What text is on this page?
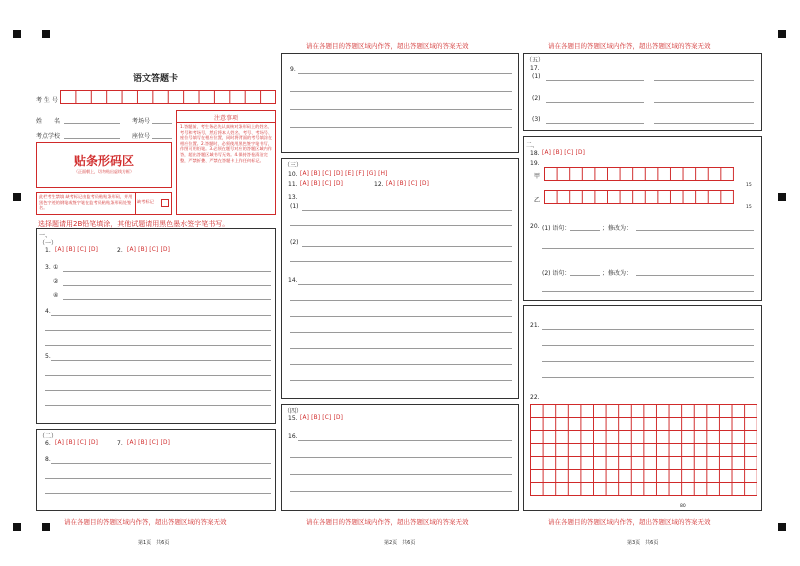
请在各题目的答题区域内作答，超出答题区域的答案无效	请在各题目的答题区域内作答，超出答题区域的答案无效
语文答题卡
考 生 号
姓　　名	考场号
考点学校	座位号
贴条形码区
（正面朝上，切勿贴出虚线方框）
此栏考生禁填 缺考标记由监考员粘贴条形码，并用黑色字迹的钢笔或签字笔在监考员粘贴条形码处签名。
缺考标记
注意事项
1.答题前，考生务必先认真核对条形码上的姓名、考号和考场号，然后将本人姓名、考号、考场号、座位号填写在相应位置，同时将背面的考号填涂在相应位置。2.答题时，必须使用黑色签字笔书写，作图可用铅笔。3.必须在题号对应的答题区域内作答，超出答题区域书写无效。4.保持答卷清洁完整，严禁折叠、严禁在答题卡上作任何标记。
选择题请用2B铅笔填涂，其他试题请用黑色墨水签字笔书写。
一、
（一）
1. [A] [B] [C] [D]	2. [A] [B] [C] [D]
3. ①
②
④
4.
5.
（二）
6. [A] [B] [C] [D]	7. [A] [B] [C] [D]
8.
请在各题目的答题区域内作答，超出答题区域的答案无效
第1页　共6页
9.
（三）
10. [A] [B] [C] [D] [E] [F] [G] [H]
11. [A] [B] [C] [D]	12. [A] [B] [C] [D]
13.
(1)
(2)
14.
（四）
15. [A] [B] [C] [D]
16.
请在各题目的答题区域内作答，超出答题区域的答案无效
第2页　共6页
（五）
17.
(1)
(2)
(3)
二、
18. [A] [B] [C] [D]
19.
甲
15
乙
15
20. (1) 语句：	；修改为：
(2) 语句：	；修改为：
21.
22.
80
请在各题目的答题区域内作答，超出答题区域的答案无效
第3页　共6页
